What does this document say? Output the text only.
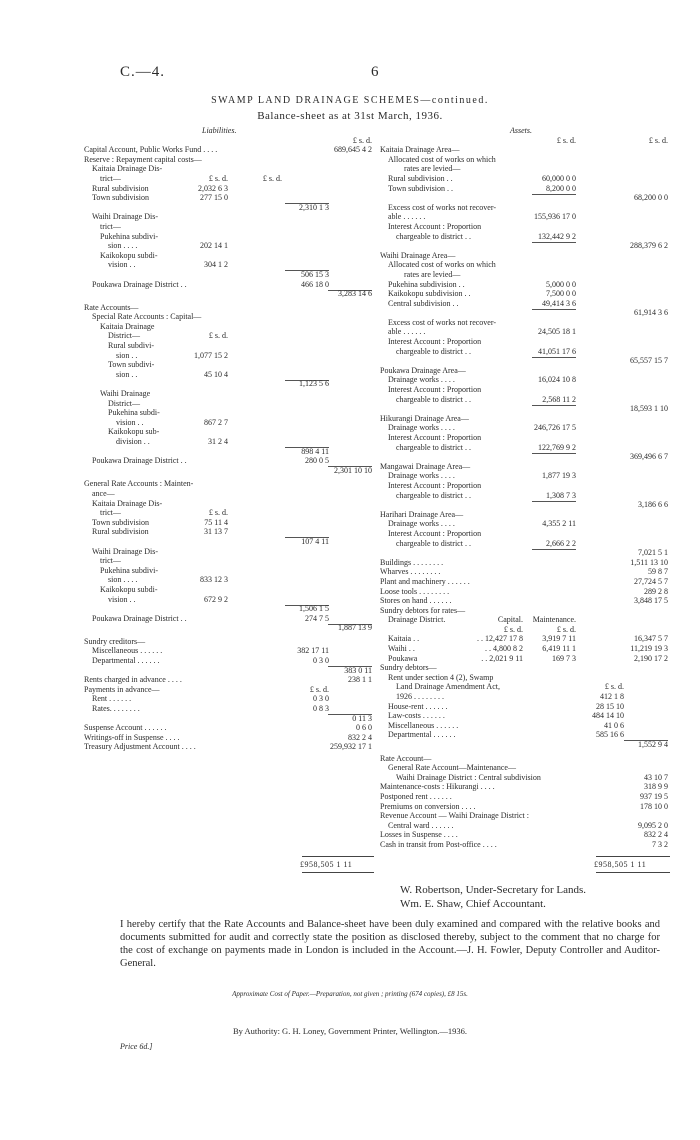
C.—4.	6
SWAMP LAND DRAINAGE SCHEMES—continued.
Balance-sheet as at 31st March, 1936.
Liabilities.
£ s. d.
Capital Account, Public Works Fund . . . .	689,645 4 2
Reserve : Repayment capital costs—
Kaitaia Drainage Dis-
trict—	£ s. d.	£ s. d.
Rural subdivision	2,032 6 3
Town subdivision	277 15 0
2,310 1 3
Waihi Drainage Dis-
trict—
Pukehina subdivi-
sion . . . .	202 14 1
Kaikokopu subdi-
vision . .	304 1 2
506 15 3
Poukawa Drainage District . .	466 18 0
3,283 14 6
Rate Accounts—
Special Rate Accounts : Capital—
Kaitaia Drainage
District—	£ s. d.
Rural subdivi-
sion . .	1,077 15 2
Town subdivi-
sion . .	45 10 4
1,123 5 6
Waihi Drainage
District—
Pukehina subdi-
vision . .	867 2 7
Kaikokopu sub-
division . .	31 2 4
898 4 11
Poukawa Drainage District . .	280 0 5
2,301 10 10
General Rate Accounts : Mainten-
ance—
Kaitaia Drainage Dis-
trict—	£ s. d.
Town subdivision	75 11 4
Rural subdivision	31 13 7
107 4 11
Waihi Drainage Dis-
trict—
Pukehina subdivi-
sion . . . .	833 12 3
Kaikokopu subdi-
vision . .	672 9 2
1,506 1 5
Poukawa Drainage District . .	274 7 5
1,887 13 9
Sundry creditors—
Miscellaneous . . . . . .	382 17 11
Departmental . . . . . .	0 3 0
383 0 11
Rents charged in advance . . . .	238 1 1
Payments in advance—	£ s. d.
Rent . . . . . .	0 3 0
Rates. . . . . . . .	0 8 3
0 11 3
Suspense Account . . . . . .	0 6 0
Writings-off in Suspense . . . .	832 2 4
Treasury Adjustment Account . . . .	259,932 17 1
Assets.
£ s. d.	£ s. d.
Kaitaia Drainage Area—
Allocated cost of works on which
rates are levied—
Rural subdivision . .	60,000 0 0
Town subdivision . .	8,200 0 0
68,200 0 0
Excess cost of works not recover-
able . . . . . .	155,936 17 0
Interest Account : Proportion
chargeable to district . .	132,442 9 2
288,379 6 2
Waihi Drainage Area—
Allocated cost of works on which
rates are levied—
Pukehina subdivision . .	5,000 0 0
Kaikokopu subdivision . .	7,500 0 0
Central subdivision . .	49,414 3 6
61,914 3 6
Excess cost of works not recover-
able . . . . . .	24,505 18 1
Interest Account : Proportion
chargeable to district . .	41,051 17 6
65,557 15 7
Poukawa Drainage Area—
Drainage works . . . .	16,024 10 8
Interest Account : Proportion
chargeable to district . .	2,568 11 2
18,593 1 10
Hikurangi Drainage Area—
Drainage works . . . .	246,726 17 5
Interest Account : Proportion
chargeable to district . .	122,769 9 2
369,496 6 7
Mangawai Drainage Area—
Drainage works . . . .	1,877 19 3
Interest Account : Proportion
chargeable to district . .	1,308 7 3
3,186 6 6
Harihari Drainage Area—
Drainage works . . . .	4,355 2 11
Interest Account : Proportion
chargeable to district . .	2,666 2 2
7,021 5 1
Buildings . . . . . . . .	1,511 13 10
Wharves . . . . . . . .	59 8 7
Plant and machinery . . . . . .	27,724 5 7
Loose tools . . . . . . . .	289 2 8
Stores on hand . . . . . .	3,848 17 5
Sundry debtors for rates—
Drainage District.	Capital.	Maintenance.
£ s. d.	£ s. d.
Kaitaia . .	. . 12,427 17 8	3,919 7 11	16,347 5 7
Waihi . .	. . 4,800 8 2	6,419 11 1	11,219 19 3
Poukawa	. . 2,021 9 11	169 7 3	2,190 17 2
Sundry debtors—
Rent under section 4 (2), Swamp
Land Drainage Amendment Act,	£ s. d.
1926 . . . . . . . .	412 1 8
House-rent . . . . . .	28 15 10
Law-costs . . . . . .	484 14 10
Miscellaneous . . . . . .	41 0 6
Departmental . . . . . .	585 16 6
1,552 9 4
Rate Account—
General Rate Account—Maintenance—
Waihi Drainage District : Central subdivision	43 10 7
Maintenance-costs : Hikurangi . . . .	318 9 9
Postponed rent . . . . . .	937 19 5
Premiums on conversion . . . .	178 10 0
Revenue Account — Waihi Drainage District :
Central ward . . . . . .	9,095 2 0
Losses in Suspense . . . .	832 2 4
Cash in transit from Post-office . . . .	7 3 2
£958,505 1 11	£958,505 1 11
W. Robertson, Under-Secretary for Lands.
Wm. E. Shaw, Chief Accountant.
I hereby certify that the Rate Accounts and Balance-sheet have been duly examined and compared with the relative books and documents submitted for audit and correctly state the position as disclosed thereby, subject to the comment that no charge for the cost of exchange on payments made in London is included in the Account.—J. H. Fowler, Deputy Controller and Auditor-General.
Approximate Cost of Paper.—Preparation, not given ; printing (674 copies), £8 15s.
By Authority: G. H. Loney, Government Printer, Wellington.—1936.
Price 6d.]
